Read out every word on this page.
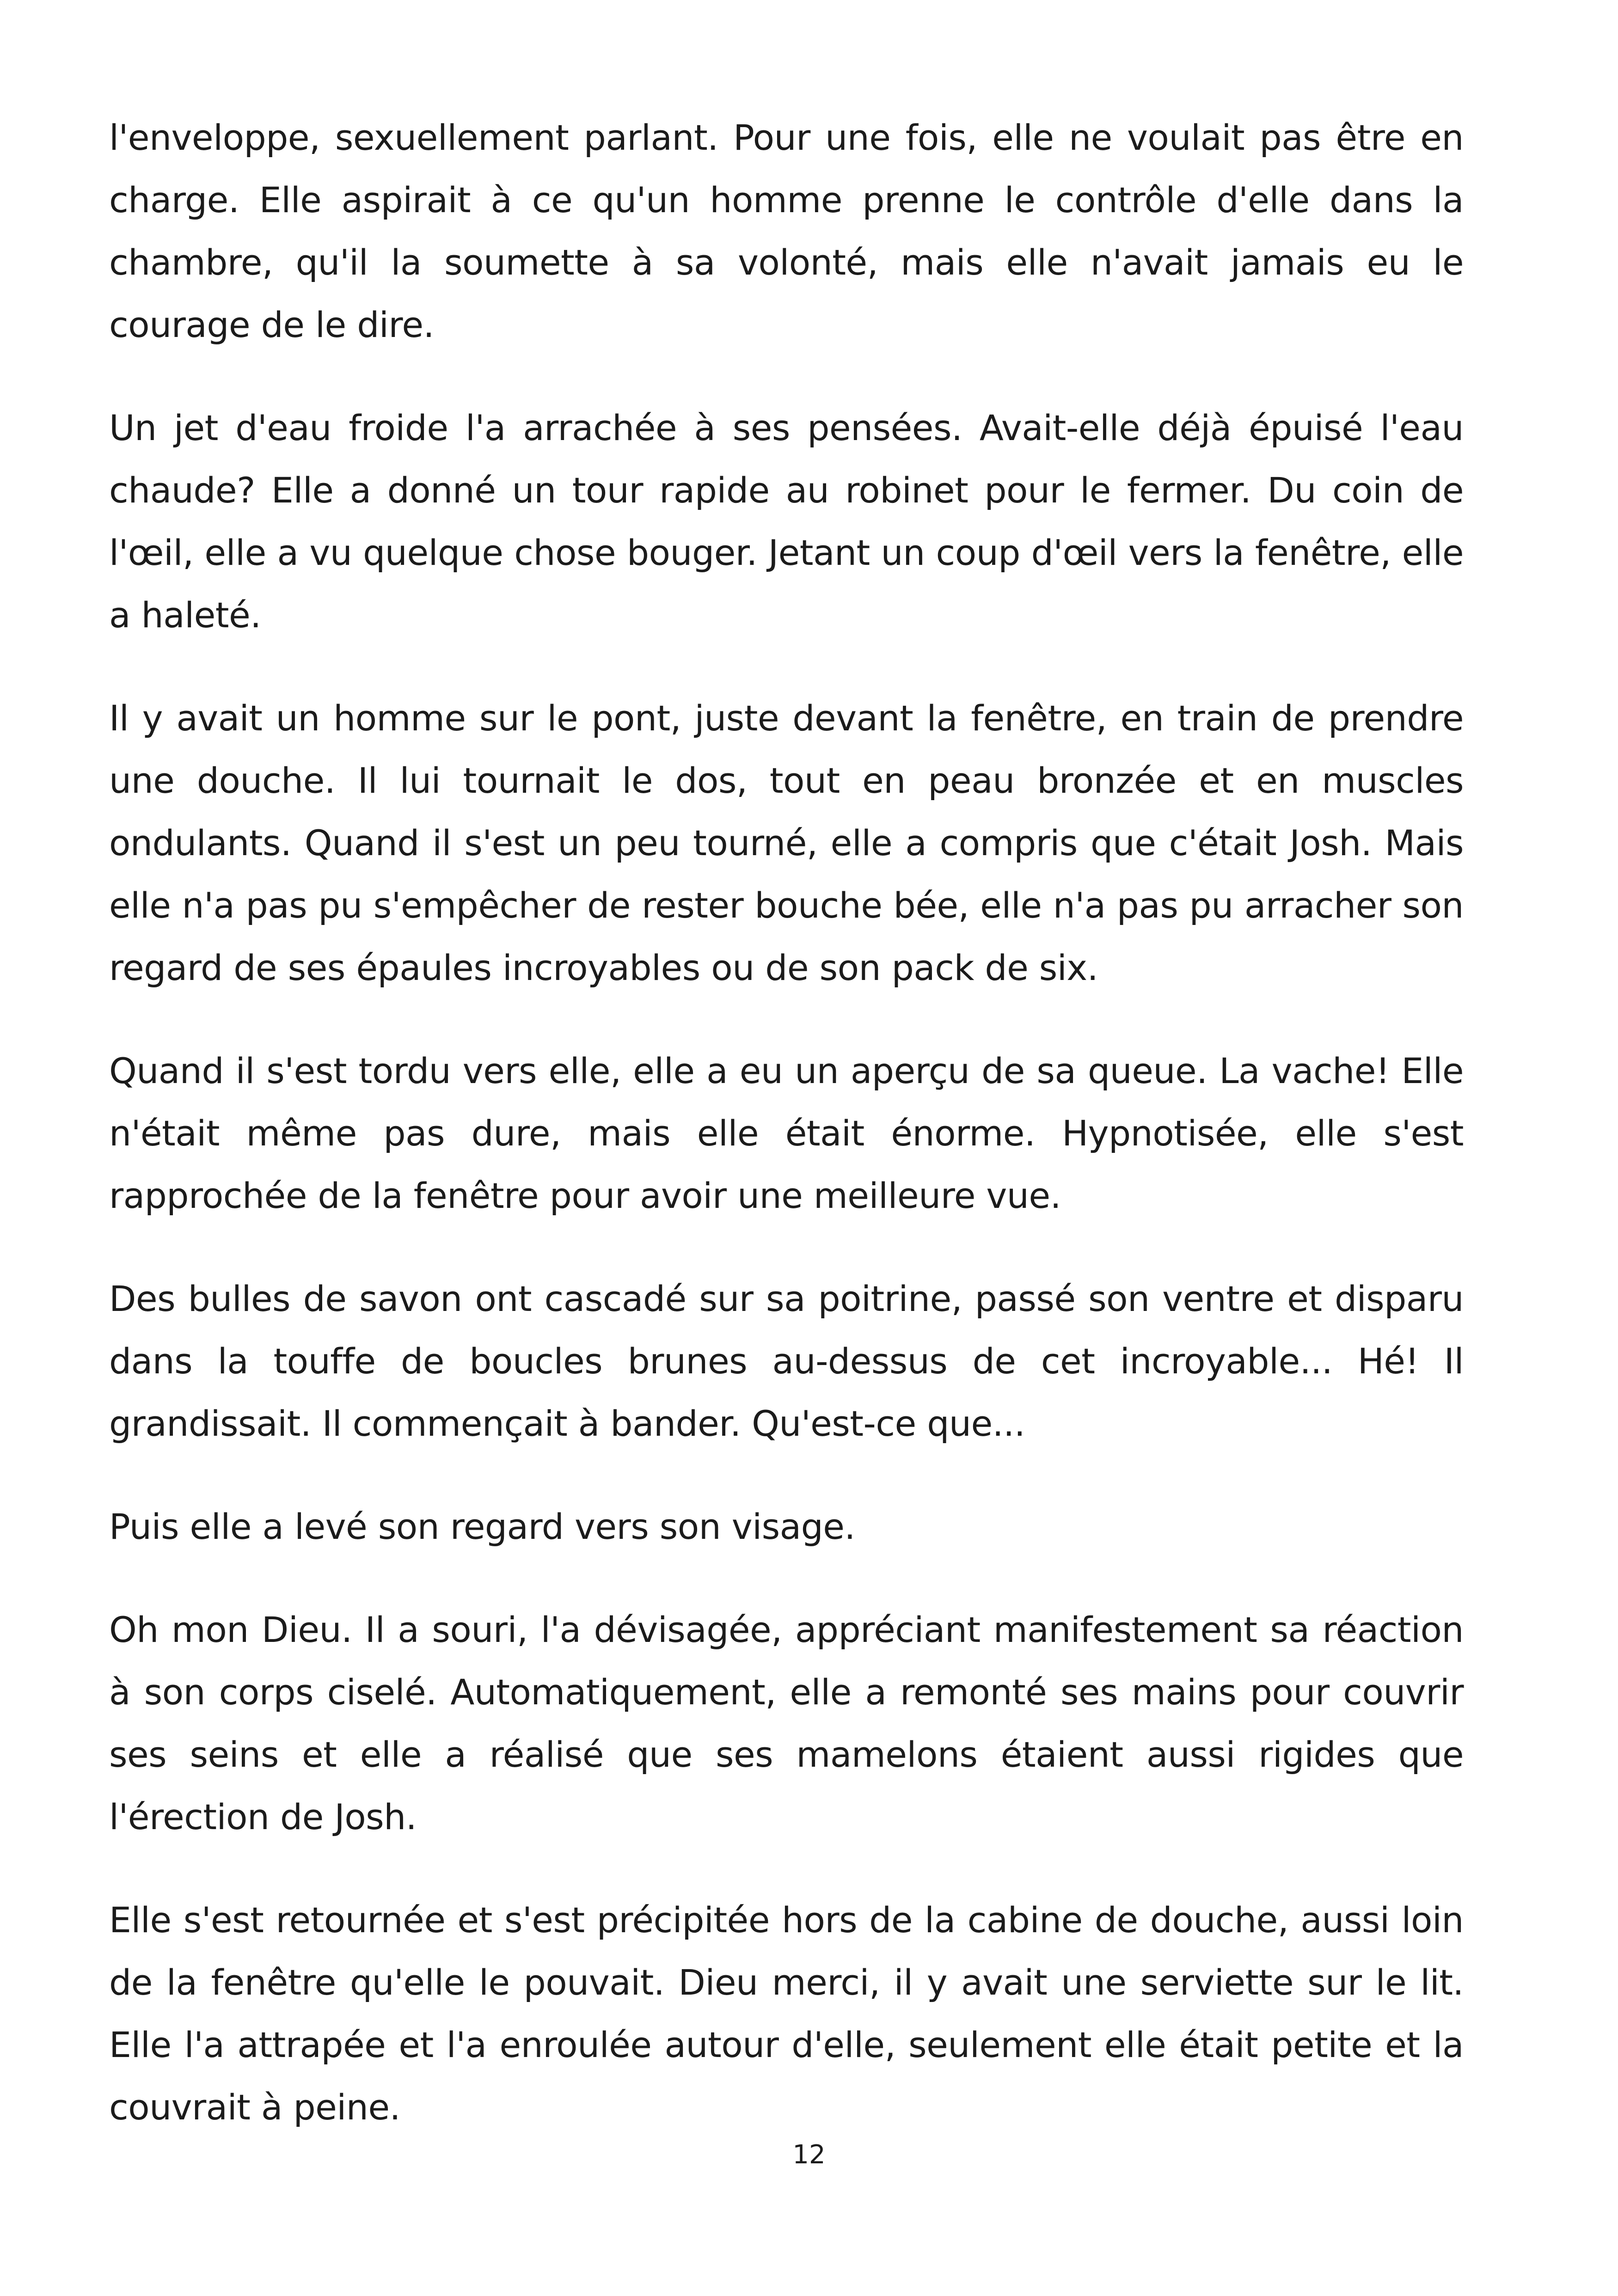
l'enveloppe, sexuellement parlant. Pour une fois, elle ne voulait pas être en charge. Elle aspirait à ce qu'un homme prenne le contrôle d'elle dans la chambre, qu'il la soumette à sa volonté, mais elle n'avait jamais eu le courage de le dire.

Un jet d'eau froide l'a arrachée à ses pensées. Avait-elle déjà épuisé l'eau chaude? Elle a donné un tour rapide au robinet pour le fermer. Du coin de l'œil, elle a vu quelque chose bouger. Jetant un coup d'œil vers la fenêtre, elle a haleté.

Il y avait un homme sur le pont, juste devant la fenêtre, en train de prendre une douche. Il lui tournait le dos, tout en peau bronzée et en muscles ondulants. Quand il s'est un peu tourné, elle a compris que c'était Josh. Mais elle n'a pas pu s'empêcher de rester bouche bée, elle n'a pas pu arracher son regard de ses épaules incroyables ou de son pack de six.

Quand il s'est tordu vers elle, elle a eu un aperçu de sa queue. La vache! Elle n'était même pas dure, mais elle était énorme. Hypnotisée, elle s'est rapprochée de la fenêtre pour avoir une meilleure vue.

Des bulles de savon ont cascadé sur sa poitrine, passé son ventre et disparu dans la touffe de boucles brunes au-dessus de cet incroyable... Hé! Il grandissait. Il commençait à bander. Qu'est-ce que...

Puis elle a levé son regard vers son visage.

Oh mon Dieu. Il a souri, l'a dévisagée, appréciant manifestement sa réaction à son corps ciselé. Automatiquement, elle a remonté ses mains pour couvrir ses seins et elle a réalisé que ses mamelons étaient aussi rigides que l'érection de Josh.

Elle s'est retournée et s'est précipitée hors de la cabine de douche, aussi loin de la fenêtre qu'elle le pouvait. Dieu merci, il y avait une serviette sur le lit. Elle l'a attrapée et l'a enroulée autour d'elle, seulement elle était petite et la couvrait à peine.

12
